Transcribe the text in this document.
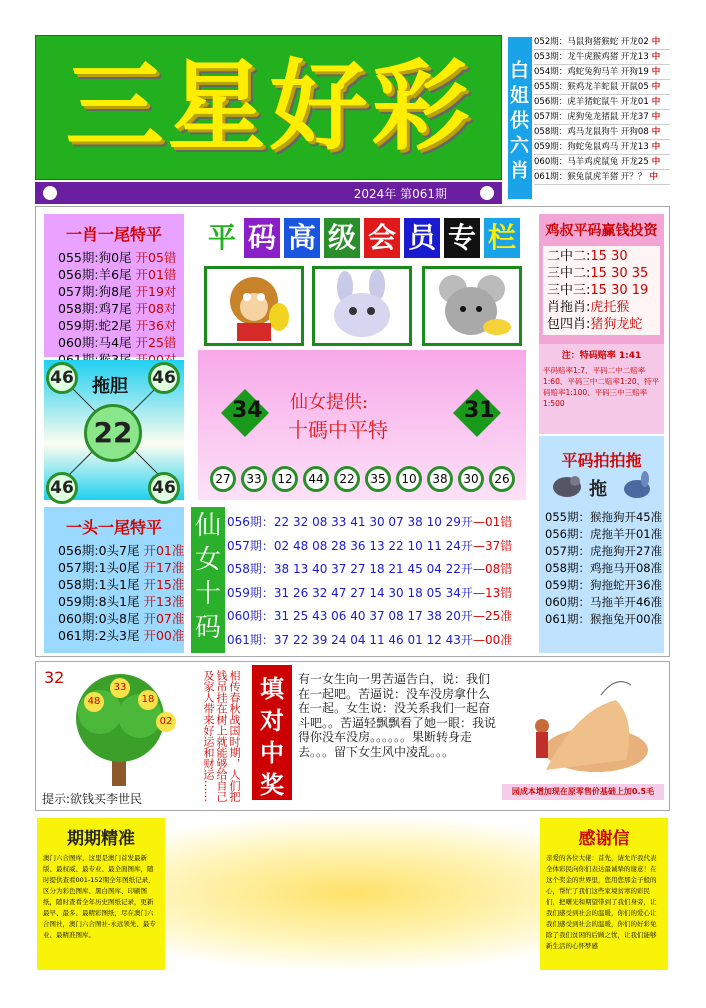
三星好彩
2024年 第061期
白姐供六肖
052期：马鼠狗猪猴蛇 开龙02 中
053期：龙牛虎猴鸡猪 开龙13 中
054期：鸡蛇兔狗马羊 开狗19 中
055期：猴鸡龙羊蛇鼠 开鼠05 中
056期：虎羊猪蛇鼠牛 开龙01 中
057期：虎狗兔龙猪鼠 开龙37 中
058期：鸡马龙鼠狗牛 开狗08 中
059期：狗蛇兔鼠鸡马 开龙13 中
060期：马羊鸡虎鼠兔 开龙25 中
061期：猴兔鼠虎羊猪 开？？ 中
一肖一尾特平
055期:狗0尾 开05错
056期:羊6尾 开01错
057期:狗8尾 开19对
058期:鸡7尾 开08对
059期:蛇2尾 开36对
060期:马4尾 开25错
46	46
46	46
拖胆
22
一头一尾特平
056期:0头7尾 开01准
057期:1头0尾 开17准
058期:1头1尾 开15准
059期:8头1尾 开13准
060期:0头8尾 开07准
061期:2头3尾 开00准
平 码 高 级 会 员 专 栏
34	31
仙女提供:
十碼中平特
27	33	12	44	22	35	10	38	30	26
仙女十码
056期：22 32 08 33 41 30 07 38 10 29开—01错
057期：02 48 08 28 36 13 22 10 11 24开—37错
058期：38 13 40 37 27 18 21 45 04 22开—08错
059期：31 26 32 47 27 14 30 18 05 34开—13错
060期：31 25 43 06 40 37 08 17 38 20开—25准
061期：37 22 39 24 04 11 46 01 12 43开—00准
鸡叔平码赢钱投资
二中二:15 30
三中二:15 30 35
三中三:15 30 19
肖拖肖:虎托猴
包四肖:猪狗龙蛇
注：特码赔率 1:41
平码赔率1:7、平码二中二赔率1:60、平码三中二赔率1:20、特平码赔率1:100、平码三中三赔率1:500
平码拍拍拖
拖
055期：猴拖狗开45准
056期：虎拖羊开01准
057期：虎拖狗开27准
058期：鸡拖马开08准
059期：狗拖蛇开36准
060期：马拖羊开46准
061期：猴拖兔开00准
32
48
33
18
02
提示:欲钱买李世民	相传春秋战国时期，人们把钱吊挂在树上就能够给自己及家人带来好运和财运……	填对中奖
有一女生向一男苦逼告白，说：我们在一起吧。苦逼说：没车没房拿什么在一起。女生说：没关系我们一起奋斗吧。。苦逼轻飘飘看了她一眼：我说得你没车没房。。。。。。果断转身走去。。。留下女生风中凌乱。。。
园成本增加现在原零售价基础上加0.5毛
期期精准

澳门六合图库，这里是澳门首发最新版、最权威、最专业、最全面图库，随时提供查看001-152期全年图纸记录，区分为彩色图库、黑白图库、印刷图纸，随时查看全年历史图纸记录，更新最早、最多、最精彩图纸，尽在澳门六合图社，澳门六合图社-永远领先、最专业、最精准图库。

感谢信

亲爱的各位大佬：首先，请允许我代表全体彩民向你们表达最诚挚的谢意！在这个奖金的世界里，您用您那金子般的心，帮忙了我们这些家境贫寒的彩民们，把曙光和期望带到了我们身旁，让我们感受到社会的温暖，你们的爱心让我们感受到社会的温暖，你们的好彩免除了我们贫困的后顾之忧，让我们能够新生活的心怀梦感
